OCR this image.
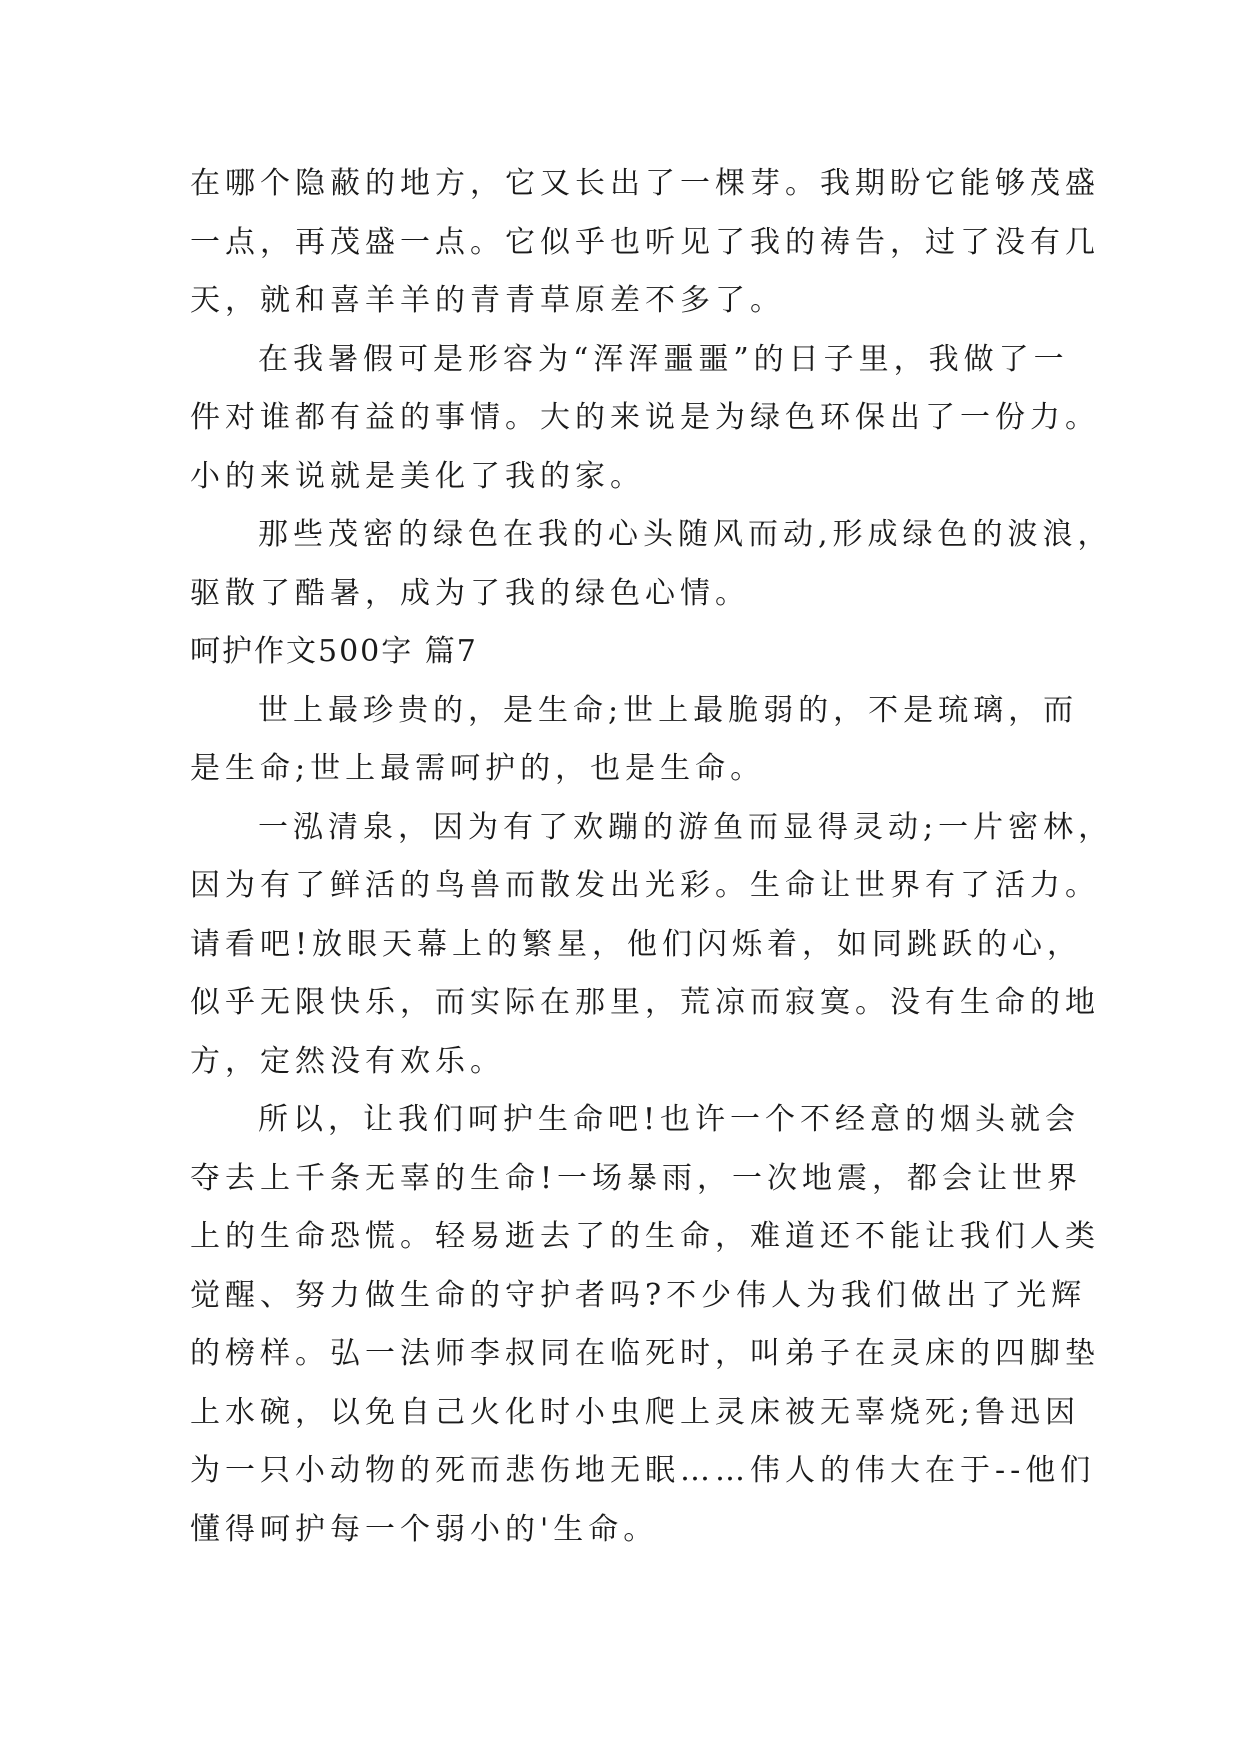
在哪个隐蔽的地方，它又长出了一棵芽。我期盼它能够茂盛
一点，再茂盛一点。它似乎也听见了我的祷告，过了没有几
天，就和喜羊羊的青青草原差不多了。
在我暑假可是形容为“浑浑噩噩”的日子里，我做了一
件对谁都有益的事情。大的来说是为绿色环保出了一份力。
小的来说就是美化了我的家。
那些茂密的绿色在我的心头随风而动,形成绿色的波浪，
驱散了酷暑，成为了我的绿色心情。
呵护作文500字 篇7
世上最珍贵的，是生命;世上最脆弱的，不是琉璃，而
是生命;世上最需呵护的，也是生命。
一泓清泉，因为有了欢蹦的游鱼而显得灵动;一片密林，
因为有了鲜活的鸟兽而散发出光彩。生命让世界有了活力。
请看吧!放眼天幕上的繁星，他们闪烁着，如同跳跃的心，
似乎无限快乐，而实际在那里，荒凉而寂寞。没有生命的地
方，定然没有欢乐。
所以，让我们呵护生命吧!也许一个不经意的烟头就会
夺去上千条无辜的生命!一场暴雨，一次地震，都会让世界
上的生命恐慌。轻易逝去了的生命，难道还不能让我们人类
觉醒、努力做生命的守护者吗?不少伟人为我们做出了光辉
的榜样。弘一法师李叔同在临死时，叫弟子在灵床的四脚垫
上水碗，以免自己火化时小虫爬上灵床被无辜烧死;鲁迅因
为一只小动物的死而悲伤地无眠……伟人的伟大在于--他们
懂得呵护每一个弱小的'生命。
